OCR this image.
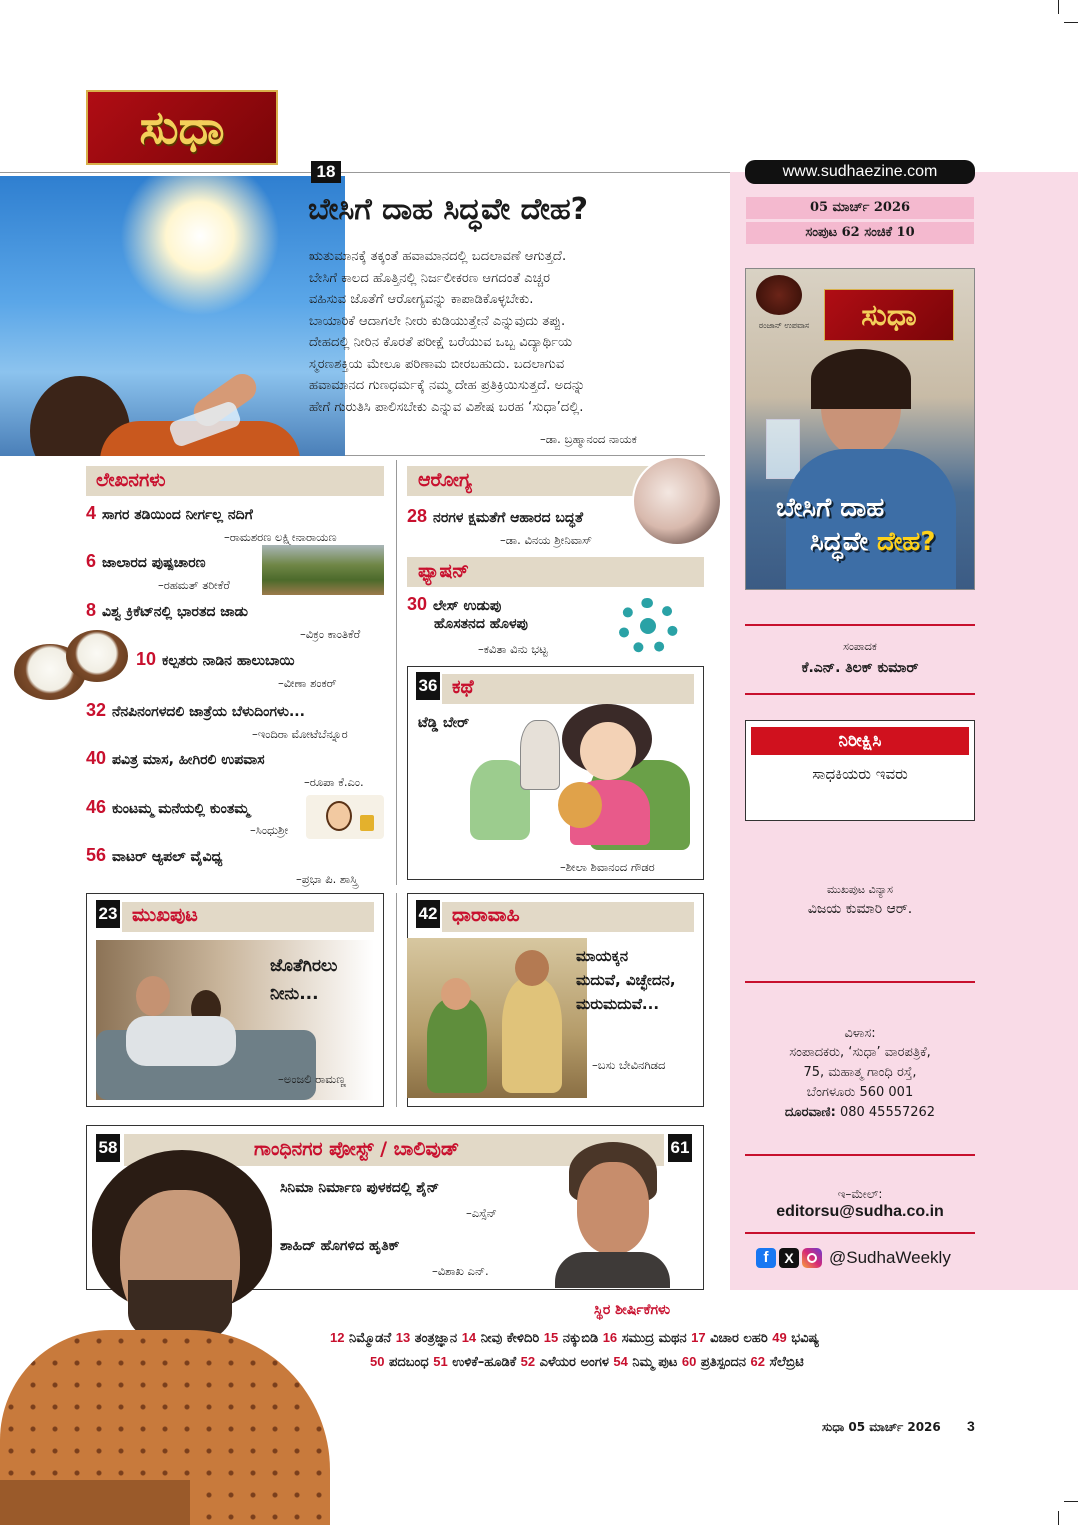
ಸುಧಾ
www.sudhaezine.com
05 ಮಾರ್ಚ್ 2026
ಸಂಪುಟ 62 ಸಂಚಿಕೆ 10
18
ಬೇಸಿಗೆ ದಾಹ ಸಿದ್ಧವೇ ದೇಹ?
ಋತುಮಾನಕ್ಕೆ ತಕ್ಕಂತೆ ಹವಾಮಾನದಲ್ಲಿ ಬದಲಾವಣೆ ಆಗುತ್ತದೆ.
ಬೇಸಿಗೆ ಕಾಲದ ಹೊತ್ತಿನಲ್ಲಿ ನಿರ್ಜಲೀಕರಣ ಆಗದಂತೆ ಎಚ್ಚರ
ವಹಿಸುವ ಜೊತೆಗೆ ಆರೋಗ್ಯವನ್ನು ಕಾಪಾಡಿಕೊಳ್ಳಬೇಕು.
ಬಾಯಾರಿಕೆ ಆದಾಗಲೇ ನೀರು ಕುಡಿಯುತ್ತೇನೆ ಎನ್ನುವುದು ತಪ್ಪು.
ದೇಹದಲ್ಲಿ ನೀರಿನ ಕೊರತೆ ಪರೀಕ್ಷೆ ಬರೆಯುವ ಒಬ್ಬ ವಿದ್ಯಾರ್ಥಿಯ
ಸ್ಮರಣಶಕ್ತಿಯ ಮೇಲೂ ಪರಿಣಾಮ ಬೀರಬಹುದು. ಬದಲಾಗುವ
ಹವಾಮಾನದ ಗುಣಧರ್ಮಕ್ಕೆ ನಮ್ಮ ದೇಹ ಪ್ರತಿಕ್ರಿಯಿಸುತ್ತದೆ. ಅದನ್ನು
ಹೇಗೆ ಗುರುತಿಸಿ ಪಾಲಿಸಬೇಕು ಎನ್ನುವ ವಿಶೇಷ ಬರಹ ‘ಸುಧಾ’ದಲ್ಲಿ.
–ಡಾ. ಬ್ರಹ್ಮಾನಂದ ನಾಯಕ
ರಂಜಾನ್ ಉಪವಾಸ ಸುಧಾ
ಬೇಸಿಗೆ ದಾಹ
ಸಿದ್ಧವೇ ದೇಹ?
ಸಂಪಾದಕ
ಕೆ.ಎನ್. ತಿಲಕ್ ಕುಮಾರ್
ನಿರೀಕ್ಷಿಸಿ
ಸಾಧಕಿಯರು ಇವರು
ಮುಖಪುಟ ವಿನ್ಯಾಸ
ವಿಜಯ ಕುಮಾರಿ ಆರ್.
ವಿಳಾಸ:
ಸಂಪಾದಕರು, ‘ಸುಧಾ’ ವಾರಪತ್ರಿಕೆ,
75, ಮಹಾತ್ಮ ಗಾಂಧಿ ರಸ್ತೆ,
ಬೆಂಗಳೂರು 560 001
ದೂರವಾಣಿ: 080 45557262
ಇ–ಮೇಲ್:
editorsu@sudha.co.in
f	X	@SudhaWeekly
ಲೇಖನಗಳು
4 ಸಾಗರ ತಡಿಯಿಂದ ನೀರ್ಗಲ್ಲ ನದಿಗೆ
–ರಾಮಶರಣ ಲಕ್ಷ್ಮೀನಾರಾಯಣ
6 ಜಾಲಾರದ ಪುಷ್ಪಚಾರಣ
–ರಹಮತ್ ತರೀಕೆರೆ
8 ವಿಶ್ವ ಕ್ರಿಕೆಟ್‌ನಲ್ಲಿ ಭಾರತದ ಜಾಡು
–ವಿಕ್ರಂ ಕಾಂತಿಕೆರೆ
10 ಕಲ್ಪತರು ನಾಡಿನ ಹಾಲುಬಾಯಿ
–ವೀಣಾ ಶಂಕರ್
32 ನೆನಪಿನಂಗಳದಲಿ ಜಾತ್ರೆಯ ಬೆಳುದಿಂಗಳು...
–ಇಂದಿರಾ ಮೋಟೆಬೆನ್ನೂರ
40 ಪವಿತ್ರ ಮಾಸ, ಹೀಗಿರಲಿ ಉಪವಾಸ
–ರೂಪಾ ಕೆ.ಎಂ.
46 ಕುಂಟಮ್ಮ ಮನೆಯಲ್ಲಿ ಕುಂತಮ್ಮ
–ಸಿಂಧುಶ್ರೀ
56 ವಾಟರ್ ಆ್ಯಪಲ್ ವೈವಿಧ್ಯ
–ಪ್ರಭಾ ಪಿ. ಶಾಸ್ತ್ರಿ
ಆರೋಗ್ಯ
28 ನರಗಳ ಕ್ಷಮತೆಗೆ ಆಹಾರದ ಬದ್ಧತೆ
–ಡಾ. ವಿನಯ ಶ್ರೀನಿವಾಸ್
ಫ್ಯಾಷನ್
30 ಲೇಸ್ ಉಡುಪು
ಹೊಸತನದ ಹೊಳಪು
–ಕವಿತಾ ವಿನು ಭಟ್ಟ
36 ಕಥೆ
ಟೆಡ್ಡಿ ಬೇರ್
–ಶೀಲಾ ಶಿವಾನಂದ ಗೌಡರ
23 ಮುಖಪುಟ
ಜೊತೆಗಿರಲು
ನೀನು...
–ಅಂಜಲಿ ರಾಮಣ್ಣ
42 ಧಾರಾವಾಹಿ
ಮಾಯಕ್ಕನ
ಮದುವೆ, ವಿಚ್ಛೇದನ,
ಮರುಮದುವೆ...
–ಬಸು ಬೇವಿನಗಿಡದ
58	61
ಗಾಂಧಿನಗರ ಪೋಸ್ಟ್ / ಬಾಲಿವುಡ್
ಸಿನಿಮಾ ನಿರ್ಮಾಣ ಪುಳಕದಲ್ಲಿ ಶೈನ್
–ಎಸ್ಸೆನ್
ಶಾಹಿದ್ ಹೊಗಳಿದ ಹೃತಿಕ್
–ವಿಶಾಖ ಎನ್.
ಸ್ಥಿರ ಶೀರ್ಷಿಕೆಗಳು
12 ನಿಮ್ಮೊಡನೆ 13 ತಂತ್ರಜ್ಞಾನ 14 ನೀವು ಕೇಳಿದಿರಿ 15 ನಕ್ಕುಬಿಡಿ 16 ಸಮುದ್ರ ಮಥನ 17 ವಿಚಾರ ಲಹರಿ 49 ಭವಿಷ್ಯ
50 ಪದಬಂಧ 51 ಉಳಿಕೆ–ಹೂಡಿಕೆ 52 ಎಳೆಯರ ಅಂಗಳ 54 ನಿಮ್ಮ ಪುಟ 60 ಪ್ರತಿಸ್ಪಂದನ 62 ಸೆಲೆಬ್ರಿಟಿ
ಸುಧಾ 05 ಮಾರ್ಚ್ 2026 3
